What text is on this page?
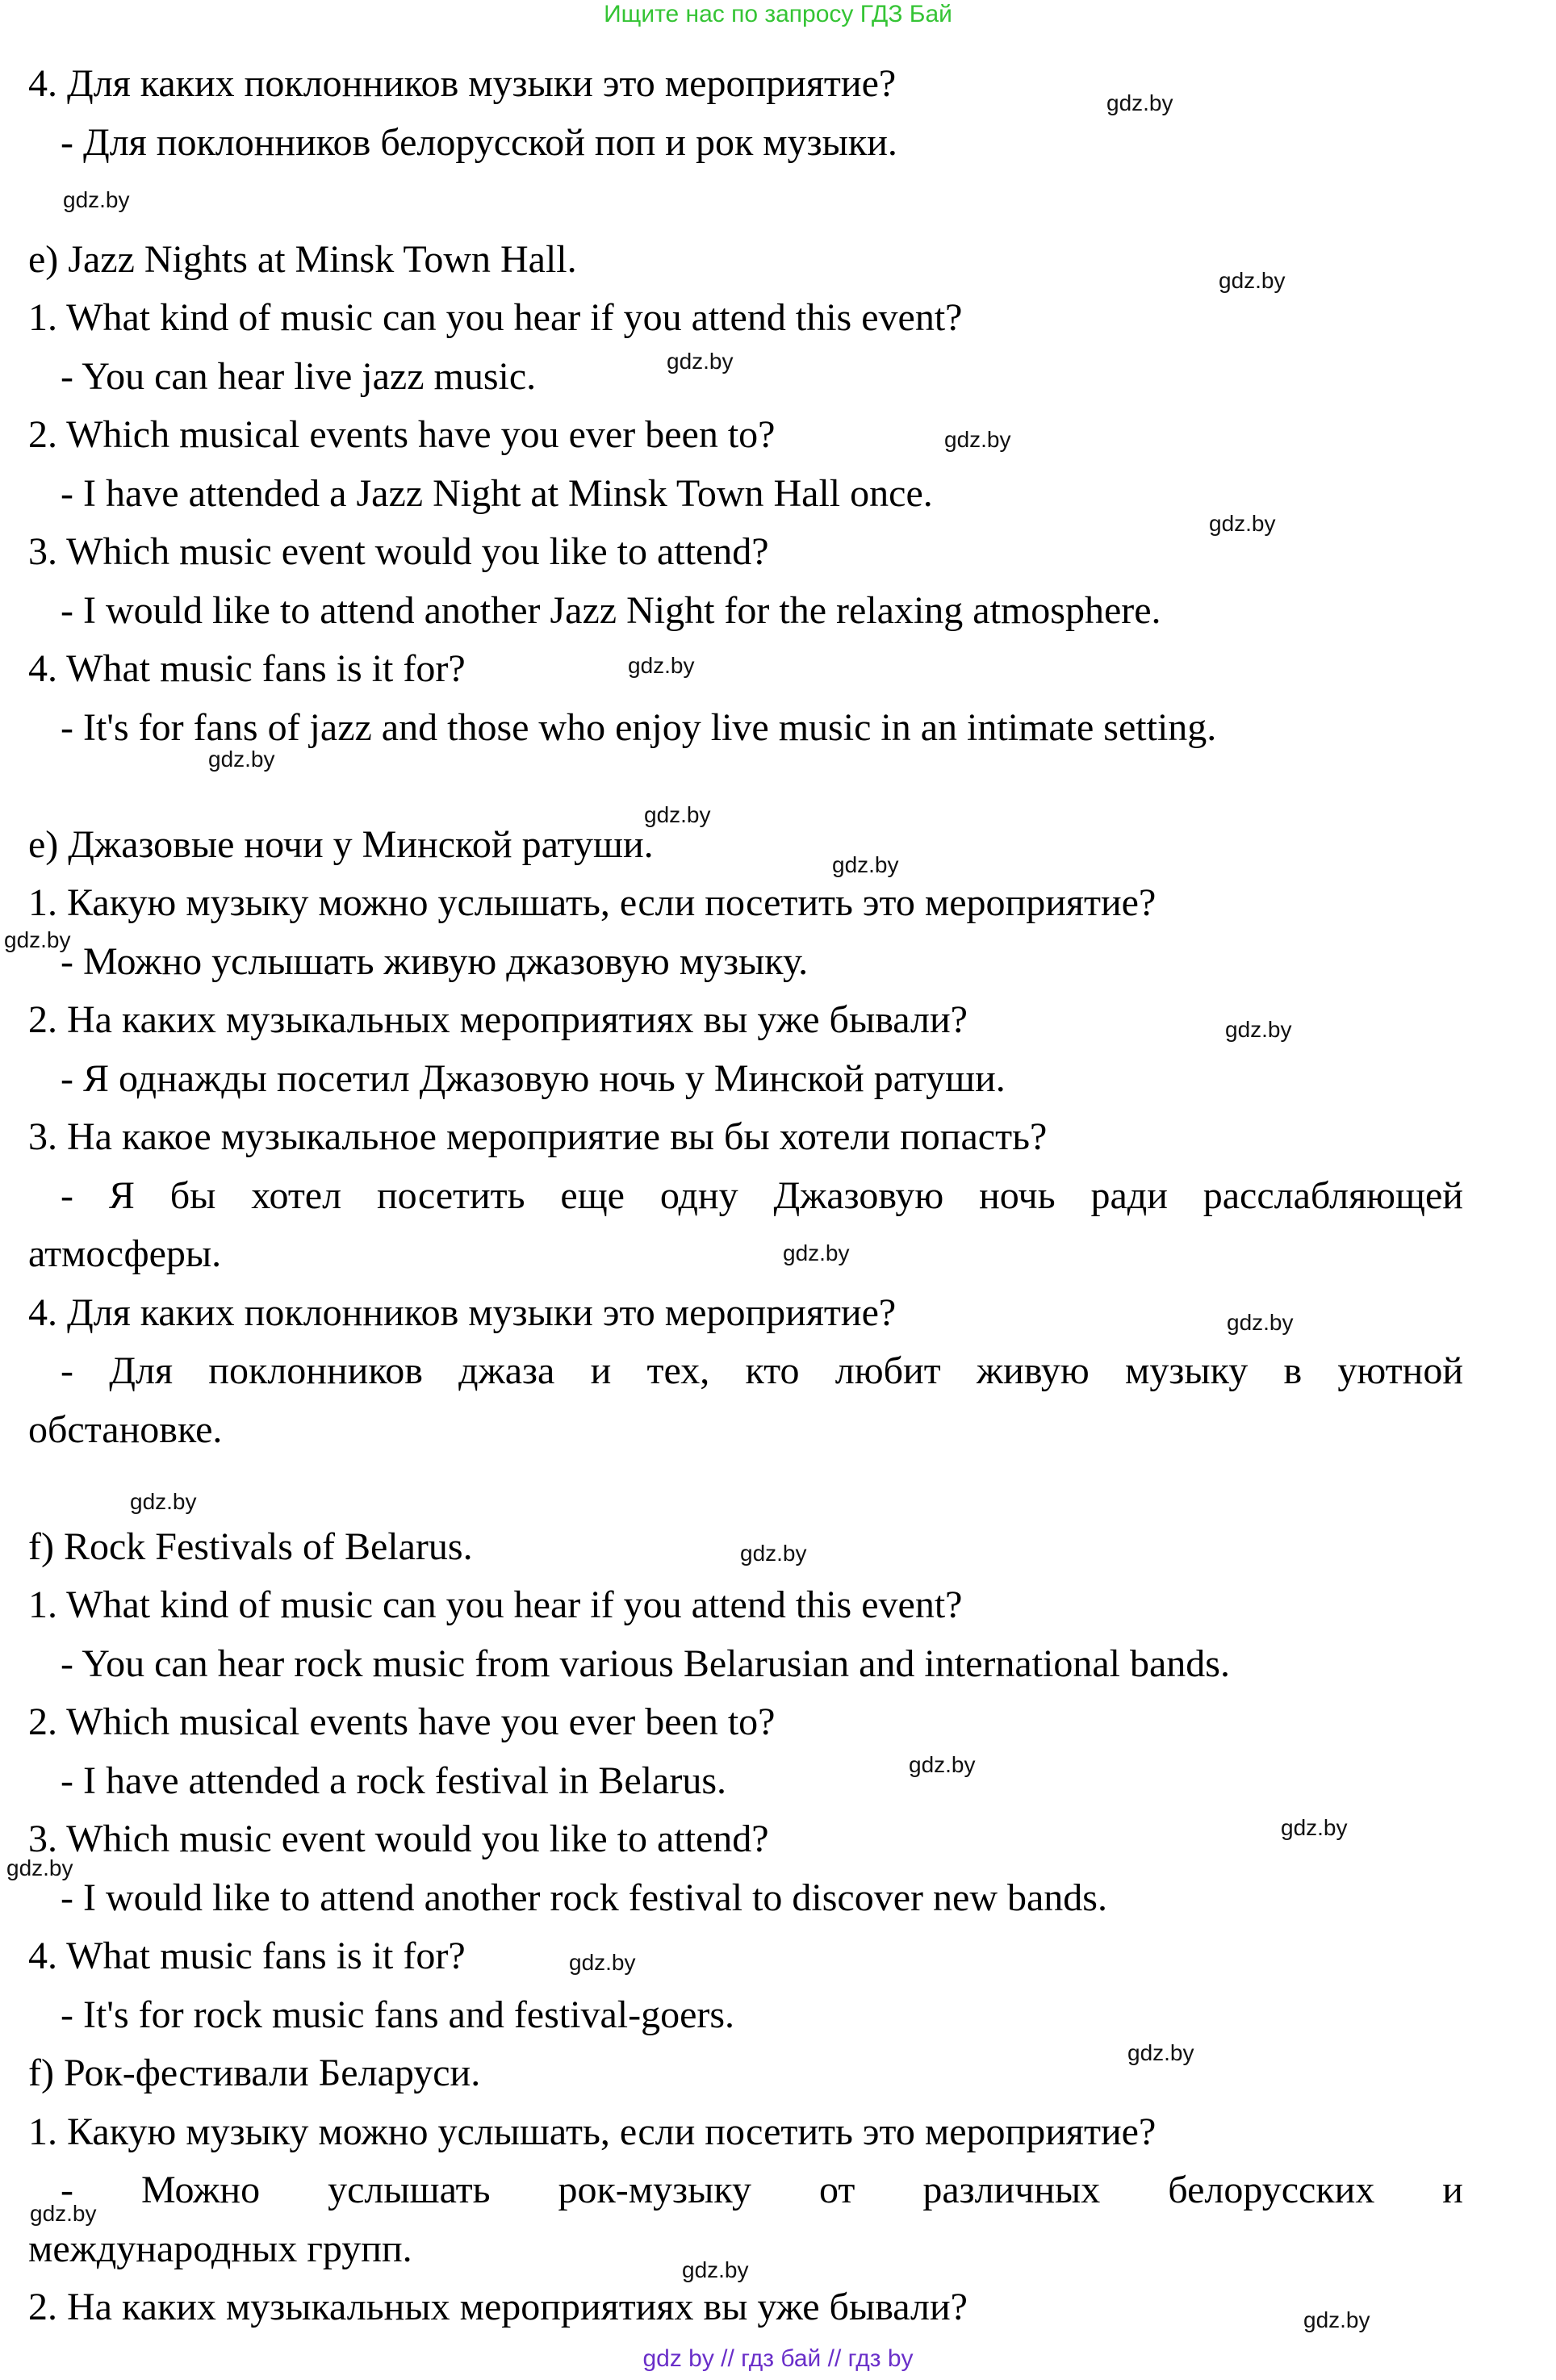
Ищите нас по запросу ГДЗ Бай
4. Для каких поклонников музыки это мероприятие?
- Для поклонников белорусской поп и рок музыки.
e) Jazz Nights at Minsk Town Hall.
1. What kind of music can you hear if you attend this event?
- You can hear live jazz music.
2. Which musical events have you ever been to?
- I have attended a Jazz Night at Minsk Town Hall once.
3. Which music event would you like to attend?
- I would like to attend another Jazz Night for the relaxing atmosphere.
4. What music fans is it for?
- It's for fans of jazz and those who enjoy live music in an intimate setting.
e) Джазовые ночи у Минской ратуши.
1. Какую музыку можно услышать, если посетить это мероприятие?
- Можно услышать живую джазовую музыку.
2. На каких музыкальных мероприятиях вы уже бывали?
- Я однажды посетил Джазовую ночь у Минской ратуши.
3. На какое музыкальное мероприятие вы бы хотели попасть?
- Я бы хотел посетить еще одну Джазовую ночь ради расслабляющей
атмосферы.
4. Для каких поклонников музыки это мероприятие?
- Для поклонников джаза и тех, кто любит живую музыку в уютной
обстановке.
f) Rock Festivals of Belarus.
1. What kind of music can you hear if you attend this event?
- You can hear rock music from various Belarusian and international bands.
2. Which musical events have you ever been to?
- I have attended a rock festival in Belarus.
3. Which music event would you like to attend?
- I would like to attend another rock festival to discover new bands.
4. What music fans is it for?
- It's for rock music fans and festival-goers.
f) Рок-фестивали Беларуси.
1. Какую музыку можно услышать, если посетить это мероприятие?
- Можно услышать рок-музыку от различных белорусских и
международных групп.
2. На каких музыкальных мероприятиях вы уже бывали?
gdz.by
gdz.by
gdz.by
gdz.by
gdz.by
gdz.by
gdz.by
gdz.by
gdz.by
gdz.by
gdz.by
gdz.by
gdz.by
gdz.by
gdz.by
gdz.by
gdz.by
gdz.by
gdz.by
gdz.by
gdz.by
gdz.by
gdz.by
gdz.by
gdz by // гдз бай // гдз by
